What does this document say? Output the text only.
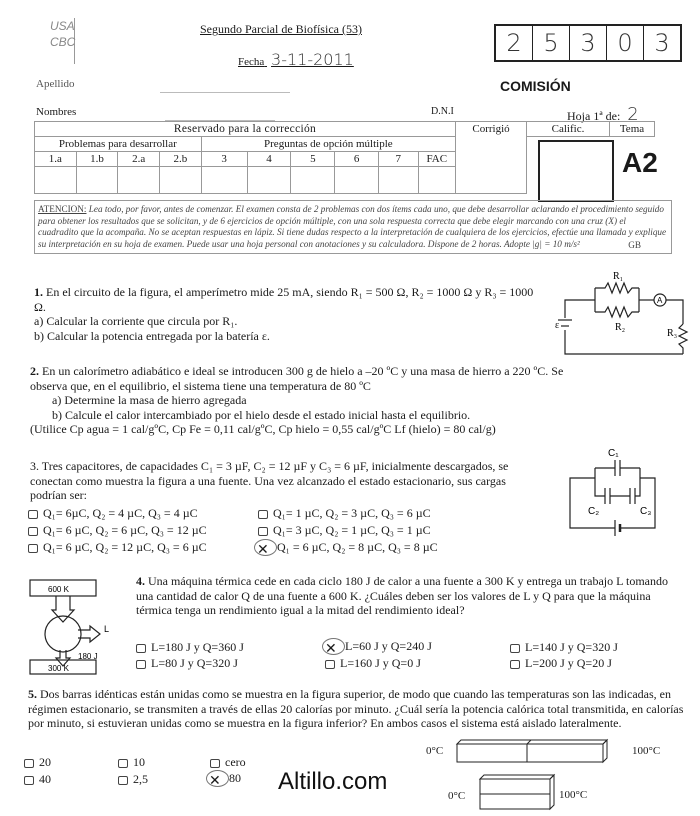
USA
CBC
Segundo Parcial de Biofísica (53)
Fecha 3-11-2011
2 5 3 0 3
COMISIÓN
Apellido
Nombres	D.N.I	Hoja 1ª de: 2
Reservado para la corrección										Corrigió	Calific.	Tema
Problemas para desarrollar				Preguntas de opción múltiple								
1.a	1.b	2.a	2.b	3	4	5	6	7	FAC			
										A2
ATENCION: Lea todo, por favor, antes de comenzar. El examen consta de 2 problemas con dos ítems cada uno, que debe desarrollar aclarando el procedimiento seguido para obtener los resultados que se solicitan, y de 6 ejercicios de opción múltiple, con una sola respuesta correcta que debe elegir marcando con una cruz (X) el cuadradito que la acompaña. No se aceptan respuestas en lápiz. Si tiene dudas respecto a la interpretación de cualquiera de los ejercicios, efectúe una llamada y explique su interpretación en su hoja de examen. Puede usar una hoja personal con anotaciones y su calculadora. Dispone de 2 horas. Adopte |g| = 10 m/s²	GB
1. En el circuito de la figura, el amperímetro mide 25 mA, siendo R₁ = 500 Ω, R₂ = 1000 Ω y R₃ = 1000 Ω.
a) Calcular la corriente que circula por R₁.
b) Calcular la potencia entregada por la batería ε.
R₁
R₂
R₃
ε
A
2. En un calorímetro adiabático e ideal se introducen 300 g de hielo a –20 ºC y una masa de hierro a 220 ºC. Se observa que, en el equilibrio, el sistema tiene una temperatura de 80 ºC
a) Determine la masa de hierro agregada
b) Calcule el calor intercambiado por el hielo desde el estado inicial hasta el equilibrio.
(Utilice Cp agua = 1 cal/gºC, Cp Fe = 0,11 cal/gºC, Cp hielo = 0,55 cal/gºC Lf (hielo) = 80 cal/g)
3. Tres capacitores, de capacidades C₁ = 3 µF, C₂ = 12 µF y C₃ = 6 µF, inicialmente descargados, se conectan como muestra la figura a una fuente. Una vez alcanzado el estado estacionario, sus cargas podrían ser:
Q₁= 6µC, Q₂ = 4 µC, Q₃ = 4 µC	Q₁= 1 µC, Q₂ = 3 µC, Q₃ = 6 µC
Q₁= 6 µC, Q₂ = 6 µC, Q₃ = 12 µC	Q₁= 3 µC, Q₂ = 1 µC, Q₃ = 1 µC
Q₁= 6 µC, Q₂ = 12 µC, Q₃ = 6 µC	✕ Q₁ = 6 µC, Q₂ = 8 µC, Q₃ = 8 µC
C₁
C₂	C₃
600 K
300 K
180 J
L
4. Una máquina térmica cede en cada ciclo 180 J de calor a una fuente a 300 K y entrega un trabajo L tomando una cantidad de calor Q de una fuente a 600 K. ¿Cuáles deben ser los valores de L y Q para que la máquina térmica tenga un rendimiento igual a la mitad del rendimiento ideal?
L=180 J y Q=360 J	✕ L=60 J y Q=240 J	L=140 J y Q=320 J
L=80 J y Q=320 J	L=160 J y Q=0 J	L=200 J y Q=20 J
5. Dos barras idénticas están unidas como se muestra en la figura superior, de modo que cuando las temperaturas son las indicadas, en régimen estacionario, se transmiten a través de ellas 20 calorías por minuto. ¿Cuál sería la potencia calórica total transmitida, en calorías por minuto, si estuvieran unidas como se muestra en la figura inferior? En ambos casos el sistema está aislado lateralmente.
20	10	cero
40	2,5	✕ 80
0°C	100°C
0°C	100°C
Altillo.com
